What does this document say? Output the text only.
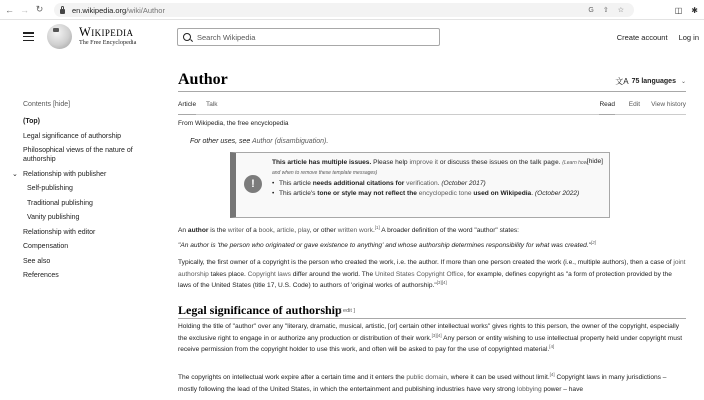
← → ↻	en.wikipedia.org/wiki/Author	G ⇧ ☆	◫ ✱
Wikipedia
The Free Encyclopedia
Search Wikipedia
Create account Log in
Contents [hide]
(Top)
Legal significance of authorship
Philosophical views of the nature of authorship
⌄ Relationship with publisher
Self-publishing
Traditional publishing
Vanity publishing
Relationship with editor
Compensation
See also
References
Author	文A 75 languages ⌄
Article Talk	Read Edit View history
From Wikipedia, the free encyclopedia
For other uses, see Author (disambiguation).
!
[hide]
This article has multiple issues. Please help improve it or discuss these issues on the talk page. (Learn how and when to remove these template messages)
• This article needs additional citations for verification. (October 2017)
• This article's tone or style may not reflect the encyclopedic tone used on Wikipedia. (October 2022)

An author is the writer of a book, article, play, or other written work.[1] A broader definition of the word "author" states:

"An author is 'the person who originated or gave existence to anything' and whose authorship determines responsibility for what was created."[2]

Typically, the first owner of a copyright is the person who created the work, i.e. the author. If more than one person created the work (i.e., multiple authors), then a case of joint authorship takes place. Copyright laws differ around the world. The United States Copyright Office, for example, defines copyright as "a form of protection provided by the laws of the United States (title 17, U.S. Code) to authors of 'original works of authorship."[3][4]

Legal significance of authorship
[ edit ]

Holding the title of "author" over any "literary, dramatic, musical, artistic, [or] certain other intellectual works" gives rights to this person, the owner of the copyright, especially the exclusive right to engage in or authorize any production or distribution of their work.[3][4] Any person or entity wishing to use intellectual property held under copyright must receive permission from the copyright holder to use this work, and often will be asked to pay for the use of copyrighted material.[4]

The copyrights on intellectual work expire after a certain time and it enters the public domain, where it can be used without limit.[4] Copyright laws in many jurisdictions – mostly following the lead of the United States, in which the entertainment and publishing industries have very strong lobbying power – have
